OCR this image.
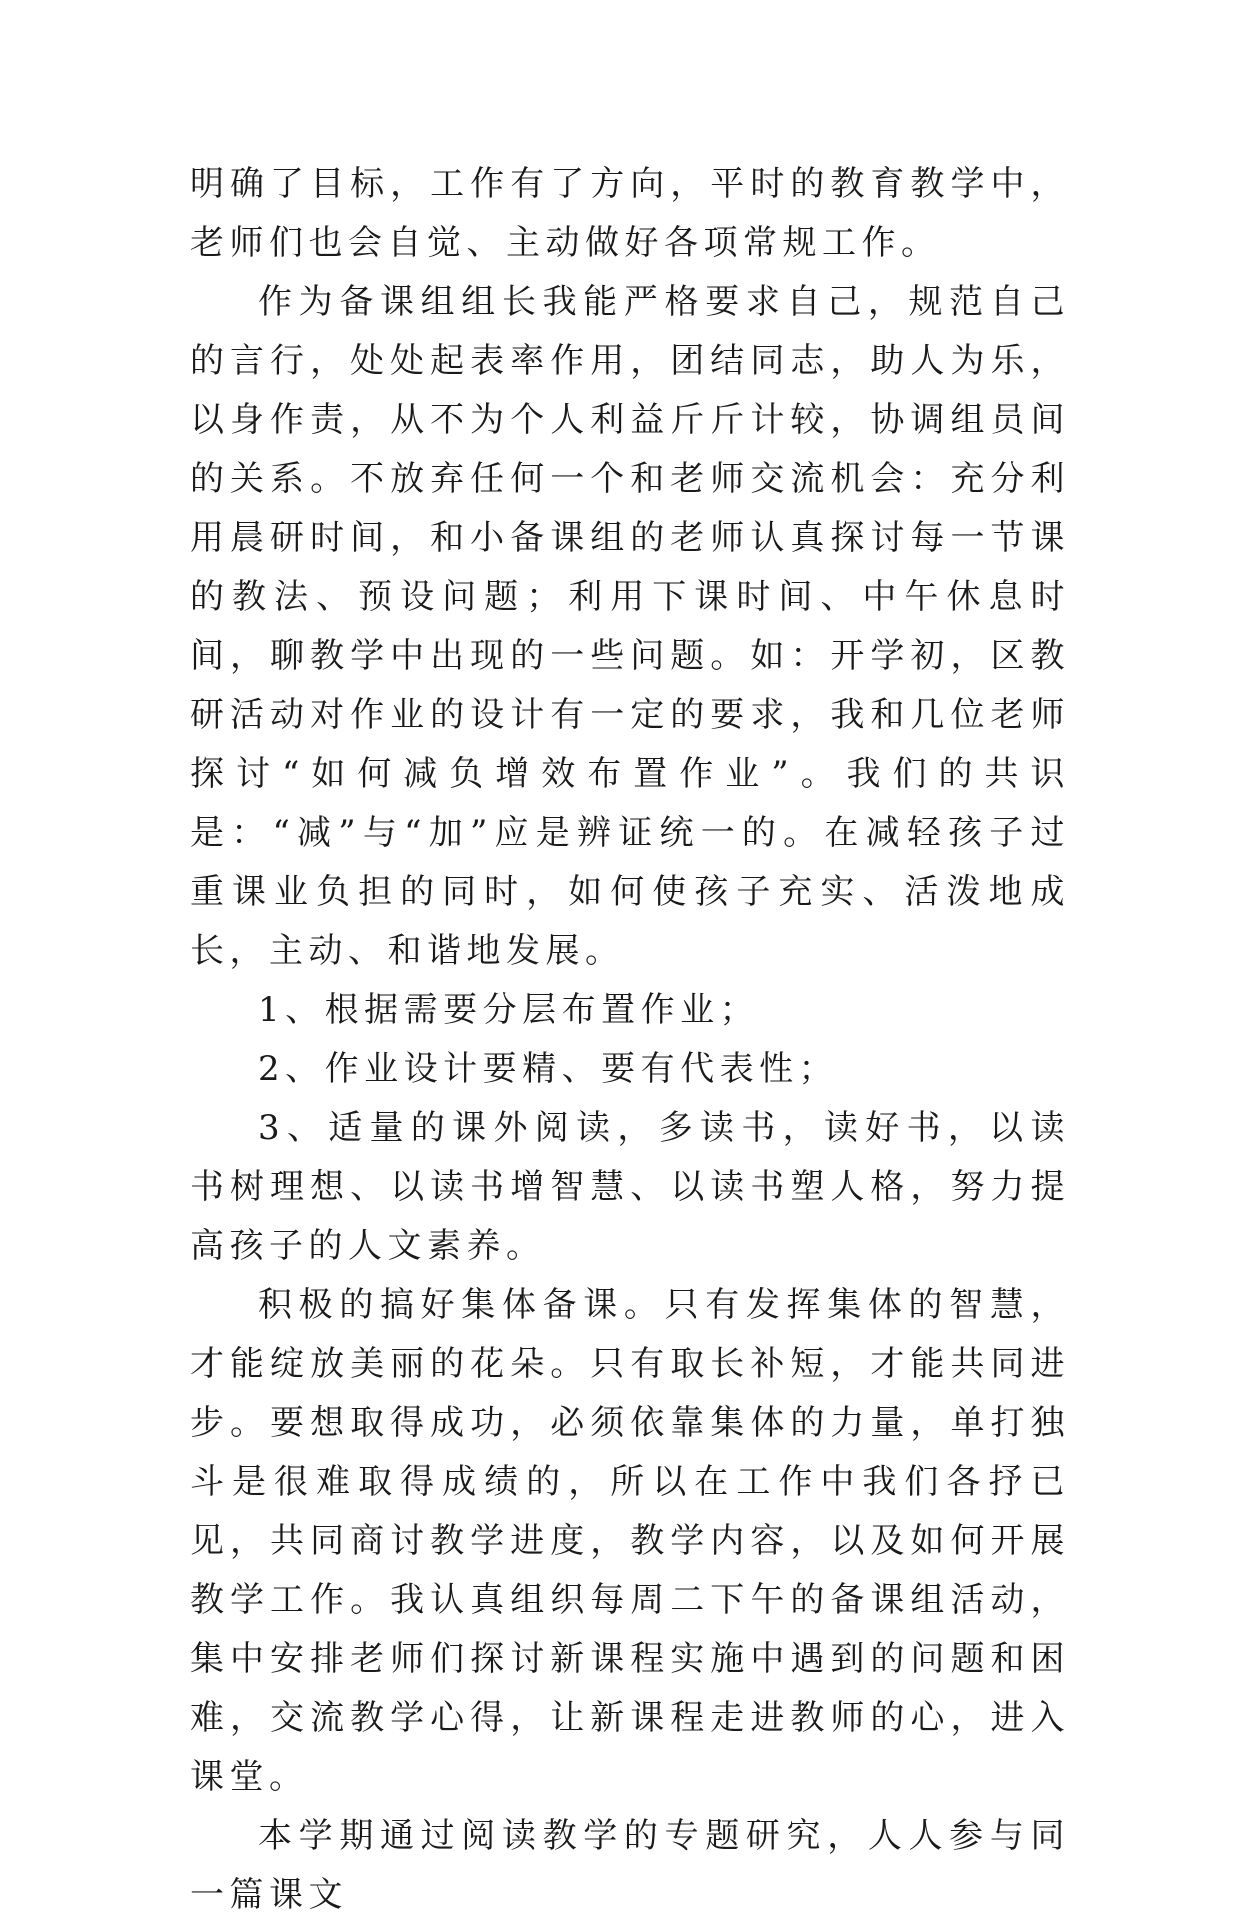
明确了目标，工作有了方向，平时的教育教学中，老师们也会自觉、主动做好各项常规工作。

作为备课组组长我能严格要求自己，规范自己的言行，处处起表率作用，团结同志，助人为乐，以身作责，从不为个人利益斤斤计较，协调组员间的关系。不放弃任何一个和老师交流机会：充分利用晨研时间，和小备课组的老师认真探讨每一节课的教法、预设问题；利用下课时间、中午休息时间，聊教学中出现的一些问题。如：开学初，区教研活动对作业的设计有一定的要求，我和几位老师探讨“如何减负增效布置作业”。我们的共识是：“减”与“加”应是辨证统一的。在减轻孩子过重课业负担的同时，如何使孩子充实、活泼地成长，主动、和谐地发展。

1、根据需要分层布置作业；

2、作业设计要精、要有代表性；

3、适量的课外阅读，多读书，读好书，以读书树理想、以读书增智慧、以读书塑人格，努力提高孩子的人文素养。

积极的搞好集体备课。只有发挥集体的智慧，才能绽放美丽的花朵。只有取长补短，才能共同进步。要想取得成功，必须依靠集体的力量，单打独斗是很难取得成绩的，所以在工作中我们各抒已见，共同商讨教学进度，教学内容，以及如何开展教学工作。我认真组织每周二下午的备课组活动，集中安排老师们探讨新课程实施中遇到的问题和困难，交流教学心得，让新课程走进教师的心，进入课堂。

本学期通过阅读教学的专题研究，人人参与同一篇课文
